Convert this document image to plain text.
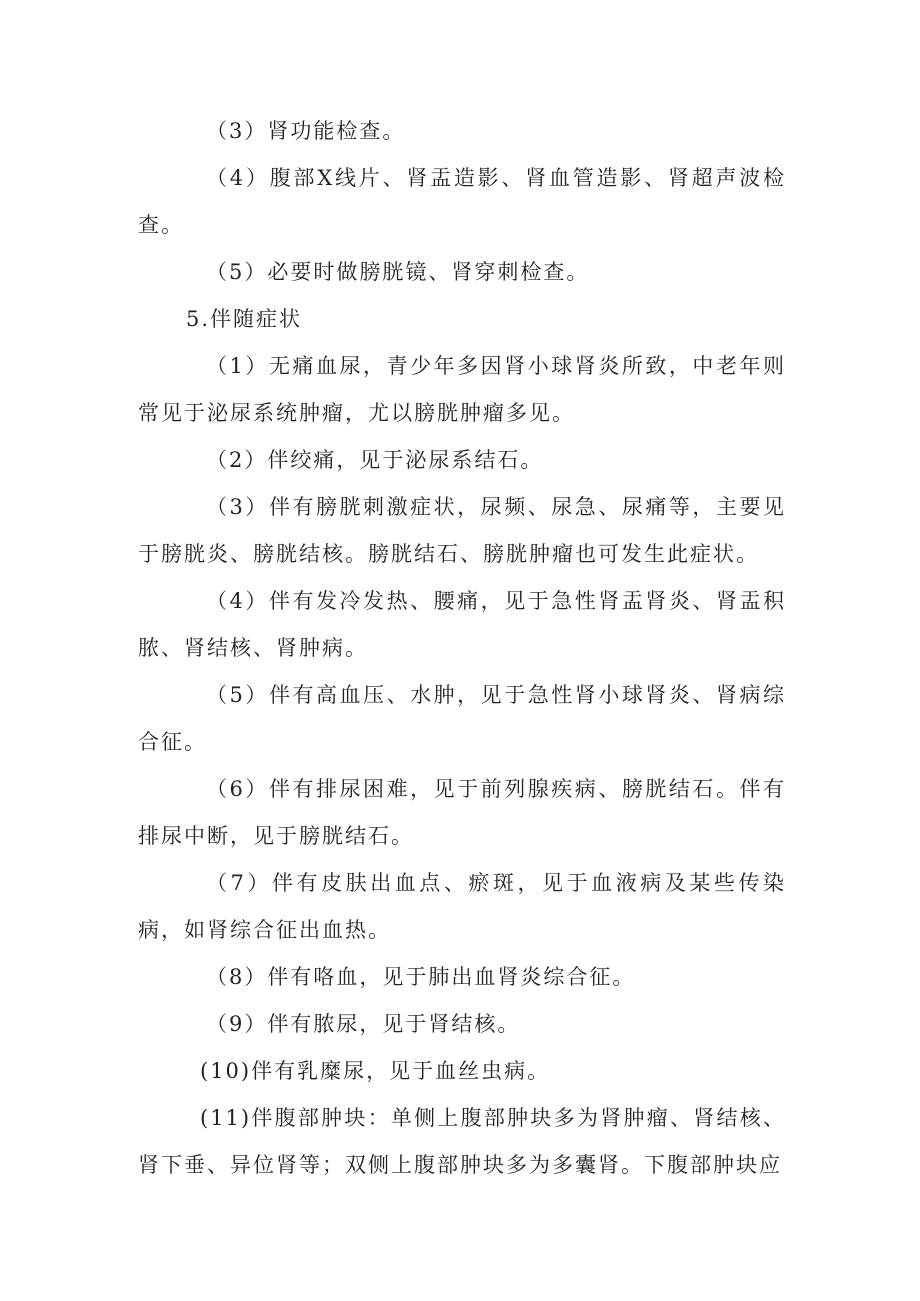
（3）肾功能检查。

（4）腹部X线片、肾盂造影、肾血管造影、肾超声波检查。

（5）必要时做膀胱镜、肾穿刺检查。

5.伴随症状

（1）无痛血尿，青少年多因肾小球肾炎所致，中老年则常见于泌尿系统肿瘤，尤以膀胱肿瘤多见。

（2）伴绞痛，见于泌尿系结石。

（3）伴有膀胱刺激症状，尿频、尿急、尿痛等，主要见于膀胱炎、膀胱结核。膀胱结石、膀胱肿瘤也可发生此症状。

（4）伴有发冷发热、腰痛，见于急性肾盂肾炎、肾盂积脓、肾结核、肾肿病。

（5）伴有高血压、水肿，见于急性肾小球肾炎、肾病综合征。

（6）伴有排尿困难，见于前列腺疾病、膀胱结石。伴有排尿中断，见于膀胱结石。

（7）伴有皮肤出血点、瘀斑，见于血液病及某些传染病，如肾综合征出血热。

（8）伴有咯血，见于肺出血肾炎综合征。

（9）伴有脓尿，见于肾结核。

(10)伴有乳糜尿，见于血丝虫病。

(11)伴腹部肿块：单侧上腹部肿块多为肾肿瘤、肾结核、肾下垂、异位肾等；双侧上腹部肿块多为多囊肾。下腹部肿块应
